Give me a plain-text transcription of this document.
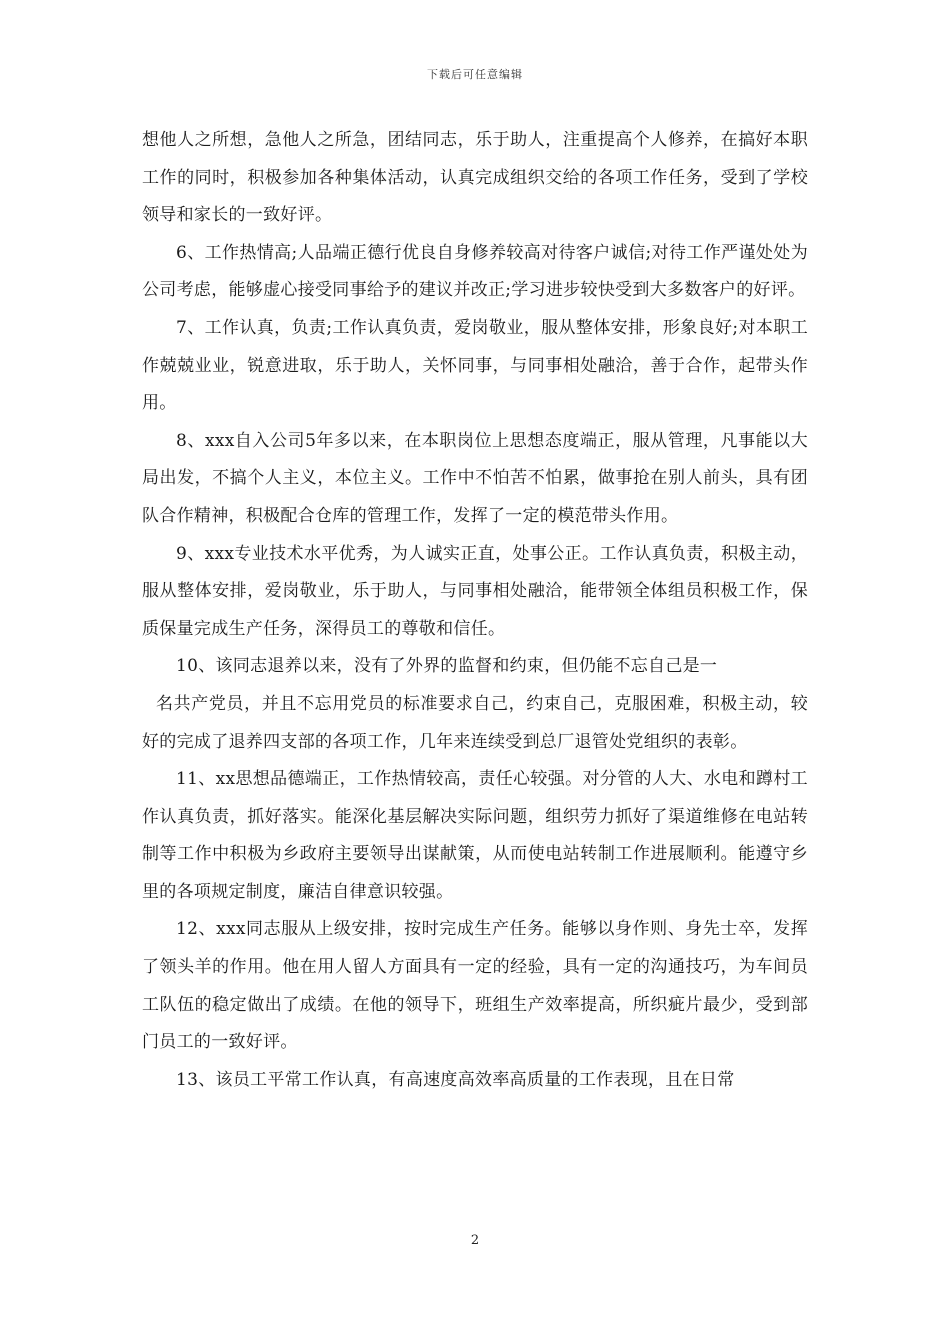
下载后可任意编辑

想他人之所想，急他人之所急，团结同志，乐于助人，注重提高个人修养，在搞好本职工作的同时，积极参加各种集体活动，认真完成组织交给的各项工作任务，受到了学校领导和家长的一致好评。

6、工作热情高;人品端正德行优良自身修养较高对待客户诚信;对待工作严谨处处为公司考虑，能够虚心接受同事给予的建议并改正;学习进步较快受到大多数客户的好评。

7、工作认真，负责;工作认真负责，爱岗敬业，服从整体安排，形象良好;对本职工作兢兢业业，锐意进取，乐于助人，关怀同事，与同事相处融洽，善于合作，起带头作用。

8、xxx自入公司5年多以来，在本职岗位上思想态度端正，服从管理，凡事能以大局出发，不搞个人主义，本位主义。工作中不怕苦不怕累，做事抢在别人前头，具有团队合作精神，积极配合仓库的管理工作，发挥了一定的模范带头作用。

9、xxx专业技术水平优秀，为人诚实正直，处事公正。工作认真负责，积极主动，服从整体安排，爱岗敬业，乐于助人，与同事相处融洽，能带领全体组员积极工作，保质保量完成生产任务，深得员工的尊敬和信任。

10、该同志退养以来，没有了外界的监督和约束，但仍能不忘自己是一

名共产党员，并且不忘用党员的标准要求自己，约束自己，克服困难，积极主动，较好的完成了退养四支部的各项工作，几年来连续受到总厂退管处党组织的表彰。

11、xx思想品德端正，工作热情较高，责任心较强。对分管的人大、水电和蹲村工作认真负责，抓好落实。能深化基层解决实际问题，组织劳力抓好了渠道维修在电站转制等工作中积极为乡政府主要领导出谋献策，从而使电站转制工作进展顺利。能遵守乡里的各项规定制度，廉洁自律意识较强。

12、xxx同志服从上级安排，按时完成生产任务。能够以身作则、身先士卒，发挥了领头羊的作用。他在用人留人方面具有一定的经验，具有一定的沟通技巧，为车间员工队伍的稳定做出了成绩。在他的领导下，班组生产效率提高，所织疵片最少，受到部门员工的一致好评。

13、该员工平常工作认真，有高速度高效率高质量的工作表现，且在日常

2
